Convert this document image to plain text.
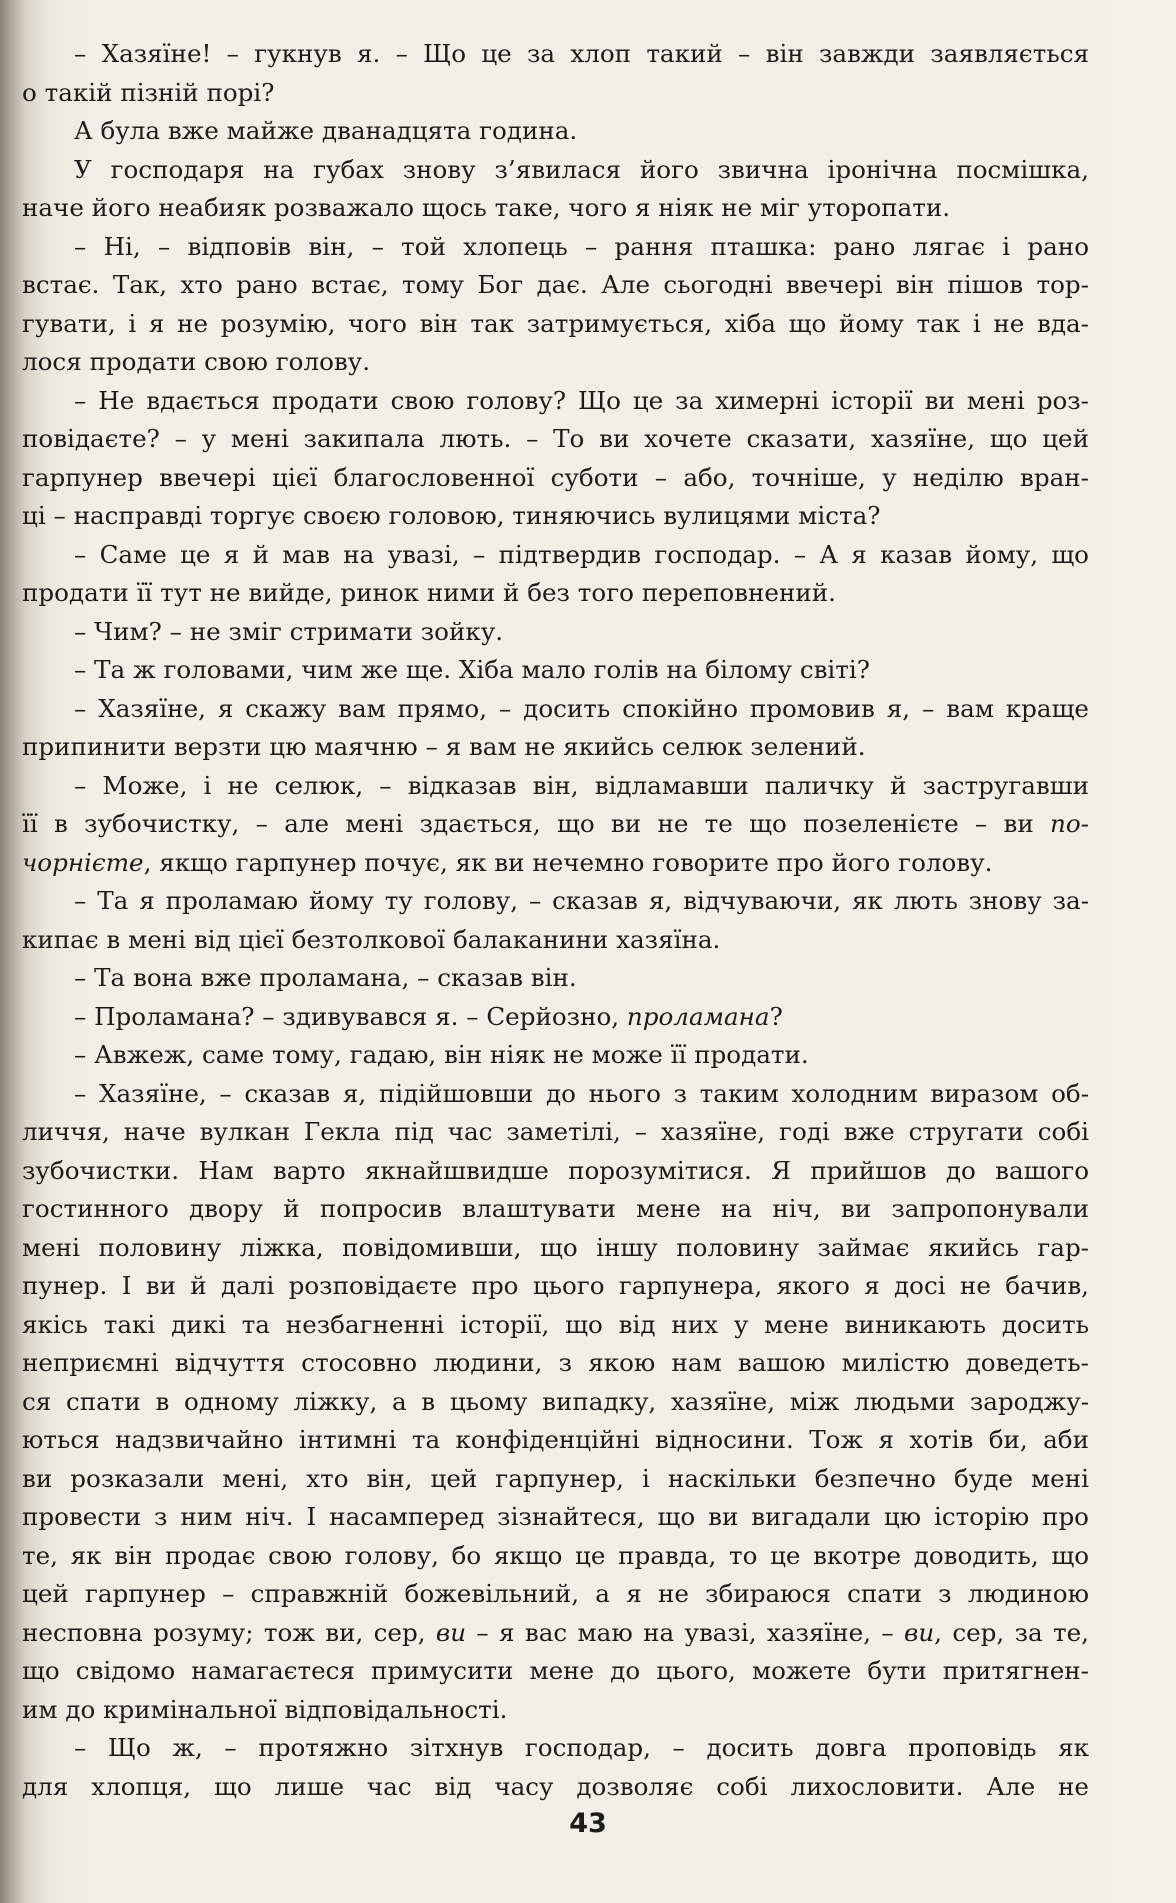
– Хазяїне! – гукнув я. – Що це за хлоп такий – він завжди заявляється
о такій пізній порі?
А була вже майже дванадцята година.
У господаря на губах знову з’явилася його звична іронічна посмішка,
наче його неабияк розважало щось таке, чого я ніяк не міг уторопати.
– Ні, – відповів він, – той хлопець – рання пташка: рано лягає і рано
встає. Так, хто рано встає, тому Бог дає. Але сьогодні ввечері він пішов тор-
гувати, і я не розумію, чого він так затримується, хіба що йому так і не вда-
лося продати свою голову.
– Не вдається продати свою голову? Що це за химерні історії ви мені роз-
повідаєте? – у мені закипала лють. – То ви хочете сказати, хазяїне, що цей
гарпунер ввечері цієї благословенної суботи – або, точніше, у неділю вран-
ці – насправді торгує своєю головою, тиняючись вулицями міста?
– Саме це я й мав на увазі, – підтвердив господар. – А я казав йому, що
продати її тут не вийде, ринок ними й без того переповнений.
– Чим? – не зміг стримати зойку.
– Та ж головами, чим же ще. Хіба мало голів на білому світі?
– Хазяїне, я скажу вам прямо, – досить спокійно промовив я, – вам краще
припинити верзти цю маячню – я вам не якийсь селюк зелений.
– Може, і не селюк, – відказав він, відламавши паличку й застругавши
її в зубочистку, – але мені здається, що ви не те що позеленієте – ви по-
чорнієте, якщо гарпунер почує, як ви нечемно говорите про його голову.
– Та я проламаю йому ту голову, – сказав я, відчуваючи, як лють знову за-
кипає в мені від цієї безтолкової балаканини хазяїна.
– Та вона вже проламана, – сказав він.
– Проламана? – здивувався я. – Серйозно, проламана?
– Авжеж, саме тому, гадаю, він ніяк не може її продати.
– Хазяїне, – сказав я, підійшовши до нього з таким холодним виразом об-
личчя, наче вулкан Гекла під час заметілі, – хазяїне, годі вже стругати собі
зубочистки. Нам варто якнайшвидше порозумітися. Я прийшов до вашого
гостинного двору й попросив влаштувати мене на ніч, ви запропонували
мені половину ліжка, повідомивши, що іншу половину займає якийсь гар-
пунер. І ви й далі розповідаєте про цього гарпунера, якого я досі не бачив,
якісь такі дикі та незбагненні історії, що від них у мене виникають досить
неприємні відчуття стосовно людини, з якою нам вашою милістю доведеть-
ся спати в одному ліжку, а в цьому випадку, хазяїне, між людьми зароджу-
ються надзвичайно інтимні та конфіденційні відносини. Тож я хотів би, аби
ви розказали мені, хто він, цей гарпунер, і наскільки безпечно буде мені
провести з ним ніч. І насамперед зізнайтеся, що ви вигадали цю історію про
те, як він продає свою голову, бо якщо це правда, то це вкотре доводить, що
цей гарпунер – справжній божевільний, а я не збираюся спати з людиною
несповна розуму; тож ви, сер, ви – я вас маю на увазі, хазяїне, – ви, сер, за те,
що свідомо намагаєтеся примусити мене до цього, можете бути притягнен-
им до кримінальної відповідальності.
– Що ж, – протяжно зітхнув господар, – досить довга проповідь як
для хлопця, що лише час від часу дозволяє собі лихословити. Але не
43
